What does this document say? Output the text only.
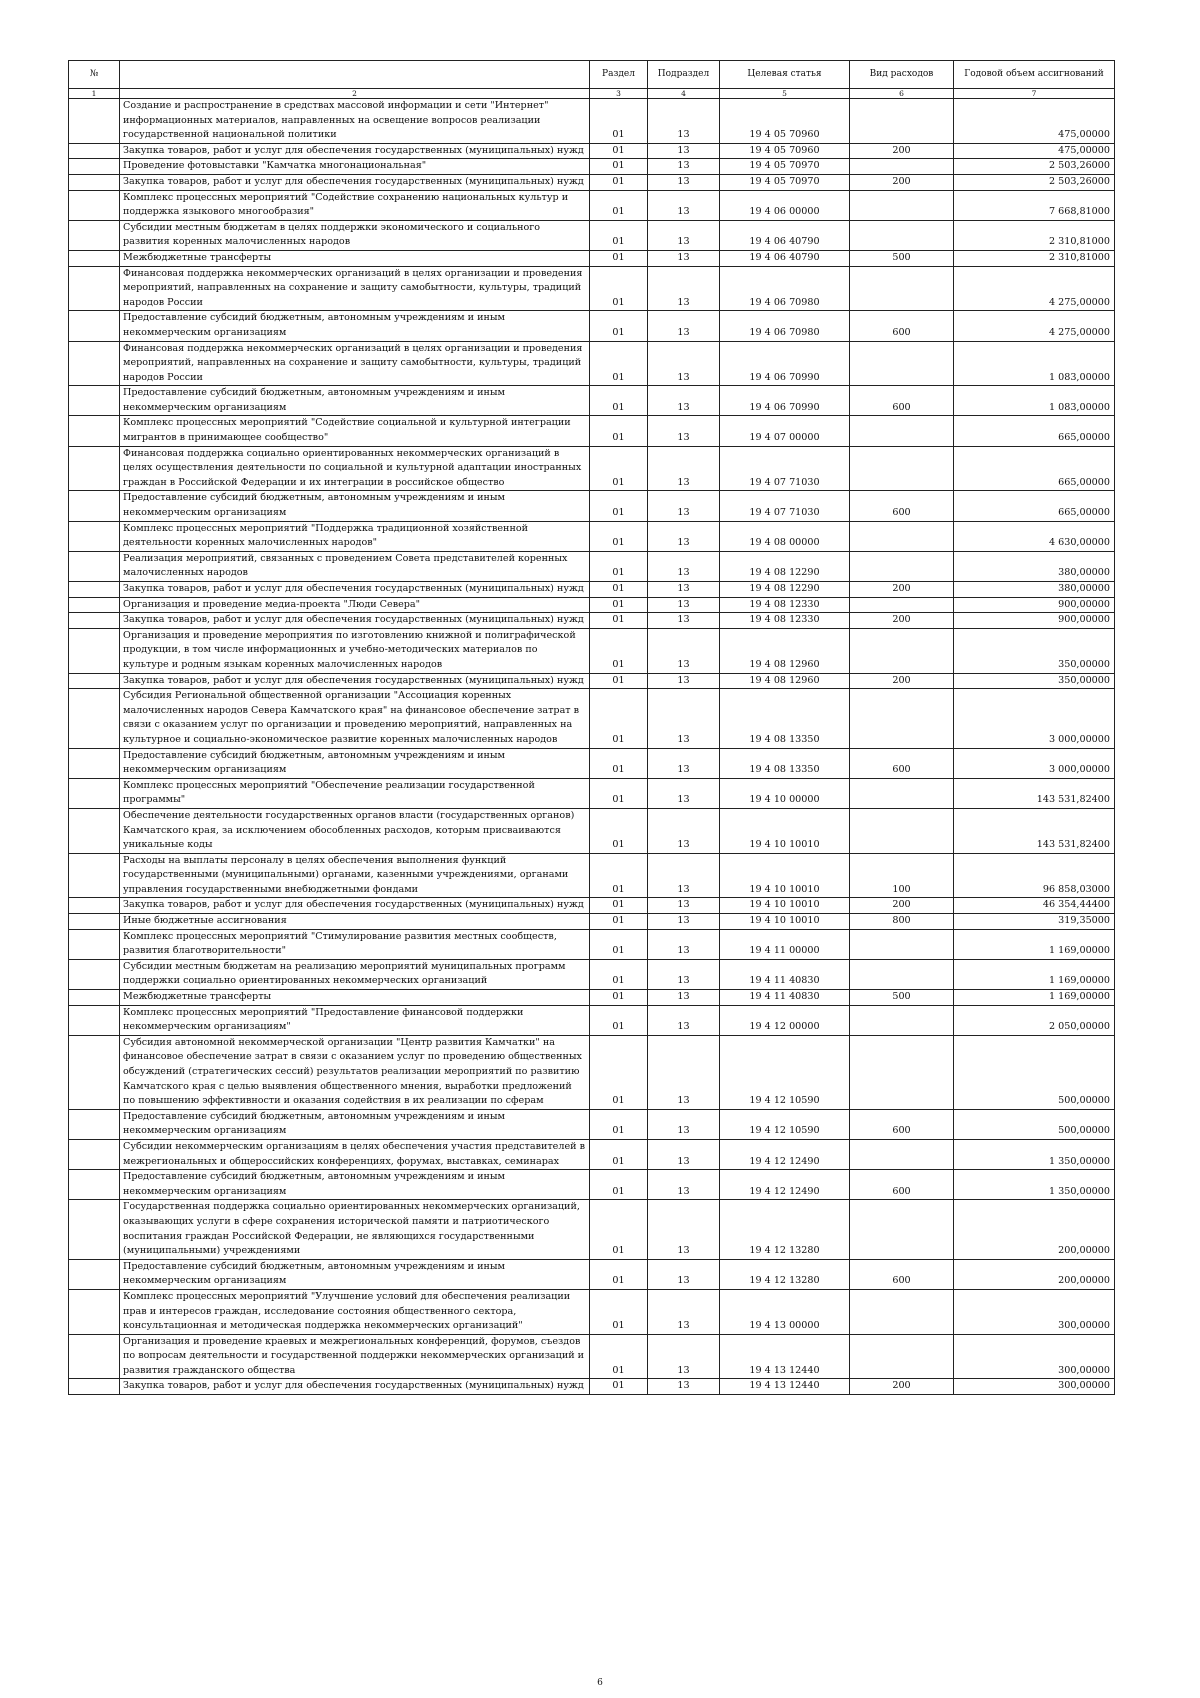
№		Раздел	Подраздел	Целевая статья	Вид расходов	Годовой объем ассигнований
1	2	3	4	5	6	7
	Создание и распространение в средствах массовой информации и сети "Интернет" информационных материалов, направленных на освещение вопросов реализации государственной национальной политики	01	13	19 4 05 70960		475,00000
	Закупка товаров, работ и услуг для обеспечения государственных (муниципальных) нужд	01	13	19 4 05 70960	200	475,00000
	Проведение фотовыставки "Камчатка многонациональная"	01	13	19 4 05 70970		2 503,26000
	Закупка товаров, работ и услуг для обеспечения государственных (муниципальных) нужд	01	13	19 4 05 70970	200	2 503,26000
	Комплекс процессных мероприятий "Содействие сохранению национальных культур и поддержка языкового многообразия"	01	13	19 4 06 00000		7 668,81000
	Субсидии местным бюджетам в целях поддержки экономического и социального развития коренных малочисленных народов	01	13	19 4 06 40790		2 310,81000
	Межбюджетные трансферты	01	13	19 4 06 40790	500	2 310,81000
	Финансовая поддержка некоммерческих организаций в целях организации и проведения мероприятий, направленных на сохранение и защиту самобытности, культуры, традиций народов России	01	13	19 4 06 70980		4 275,00000
	Предоставление субсидий бюджетным, автономным учреждениям и иным некоммерческим организациям	01	13	19 4 06 70980	600	4 275,00000
	Финансовая поддержка некоммерческих организаций в целях организации и проведения мероприятий, направленных на сохранение и защиту самобытности, культуры, традиций народов России	01	13	19 4 06 70990		1 083,00000
	Предоставление субсидий бюджетным, автономным учреждениям и иным некоммерческим организациям	01	13	19 4 06 70990	600	1 083,00000
	Комплекс процессных мероприятий "Содействие социальной и культурной интеграции мигрантов в принимающее сообщество"	01	13	19 4 07 00000		665,00000
	Финансовая поддержка социально ориентированных некоммерческих организаций в целях осуществления деятельности по социальной и культурной адаптации иностранных граждан в Российской Федерации и их интеграции в российское общество	01	13	19 4 07 71030		665,00000
	Предоставление субсидий бюджетным, автономным учреждениям и иным некоммерческим организациям	01	13	19 4 07 71030	600	665,00000
	Комплекс процессных мероприятий "Поддержка традиционной хозяйственной деятельности коренных малочисленных народов"	01	13	19 4 08 00000		4 630,00000
	Реализация мероприятий, связанных с проведением Совета представителей коренных малочисленных народов	01	13	19 4 08 12290		380,00000
	Закупка товаров, работ и услуг для обеспечения государственных (муниципальных) нужд	01	13	19 4 08 12290	200	380,00000
	Организация и проведение медиа-проекта "Люди Севера"	01	13	19 4 08 12330		900,00000
	Закупка товаров, работ и услуг для обеспечения государственных (муниципальных) нужд	01	13	19 4 08 12330	200	900,00000
	Организация и проведение мероприятия по изготовлению книжной и полиграфической продукции, в том числе информационных и учебно-методических материалов по культуре и родным языкам коренных малочисленных народов	01	13	19 4 08 12960		350,00000
	Закупка товаров, работ и услуг для обеспечения государственных (муниципальных) нужд	01	13	19 4 08 12960	200	350,00000
	Субсидия Региональной общественной организации "Ассоциация коренных малочисленных народов Севера Камчатского края" на финансовое обеспечение затрат в связи с оказанием услуг по организации и проведению мероприятий, направленных на культурное и социально-экономическое развитие коренных малочисленных народов	01	13	19 4 08 13350		3 000,00000
	Предоставление субсидий бюджетным, автономным учреждениям и иным некоммерческим организациям	01	13	19 4 08 13350	600	3 000,00000
	Комплекс процессных мероприятий "Обеспечение реализации государственной программы"	01	13	19 4 10 00000		143 531,82400
	Обеспечение деятельности государственных органов власти (государственных органов) Камчатского края, за исключением обособленных расходов, которым присваиваются уникальные коды	01	13	19 4 10 10010		143 531,82400
	Расходы на выплаты персоналу в целях обеспечения выполнения функций государственными (муниципальными) органами, казенными учреждениями, органами управления государственными внебюджетными фондами	01	13	19 4 10 10010	100	96 858,03000
	Закупка товаров, работ и услуг для обеспечения государственных (муниципальных) нужд	01	13	19 4 10 10010	200	46 354,44400
	Иные бюджетные ассигнования	01	13	19 4 10 10010	800	319,35000
	Комплекс процессных мероприятий "Стимулирование развития местных сообществ, развития благотворительности"	01	13	19 4 11 00000		1 169,00000
	Субсидии местным бюджетам на реализацию мероприятий муниципальных программ поддержки социально ориентированных некоммерческих организаций	01	13	19 4 11 40830		1 169,00000
	Межбюджетные трансферты	01	13	19 4 11 40830	500	1 169,00000
	Комплекс процессных мероприятий "Предоставление финансовой поддержки некоммерческим организациям"	01	13	19 4 12 00000		2 050,00000
	Субсидия автономной некоммерческой организации "Центр развития Камчатки" на финансовое обеспечение затрат в связи с оказанием услуг по проведению общественных обсуждений (стратегических сессий) результатов реализации мероприятий по развитию Камчатского края с целью выявления общественного мнения, выработки предложений по повышению эффективности и оказания содействия в их реализации по сферам	01	13	19 4 12 10590		500,00000
	Предоставление субсидий бюджетным, автономным учреждениям и иным некоммерческим организациям	01	13	19 4 12 10590	600	500,00000
	Субсидии некоммерческим организациям в целях обеспечения участия представителей в межрегиональных и общероссийских конференциях, форумах, выставках, семинарах	01	13	19 4 12 12490		1 350,00000
	Предоставление субсидий бюджетным, автономным учреждениям и иным некоммерческим организациям	01	13	19 4 12 12490	600	1 350,00000
	Государственная поддержка социально ориентированных некоммерческих организаций, оказывающих услуги в сфере сохранения исторической памяти и патриотического воспитания граждан Российской Федерации, не являющихся государственными (муниципальными) учреждениями	01	13	19 4 12 13280		200,00000
	Предоставление субсидий бюджетным, автономным учреждениям и иным некоммерческим организациям	01	13	19 4 12 13280	600	200,00000
	Комплекс процессных мероприятий "Улучшение условий для обеспечения реализации прав и интересов граждан, исследование состояния общественного сектора, консультационная и методическая поддержка некоммерческих организаций"	01	13	19 4 13 00000		300,00000
	Организация и проведение краевых и межрегиональных конференций, форумов, съездов по вопросам деятельности и государственной поддержки некоммерческих организаций и развития гражданского общества	01	13	19 4 13 12440		300,00000
	Закупка товаров, работ и услуг для обеспечения государственных (муниципальных) нужд	01	13	19 4 13 12440	200	300,00000
6
